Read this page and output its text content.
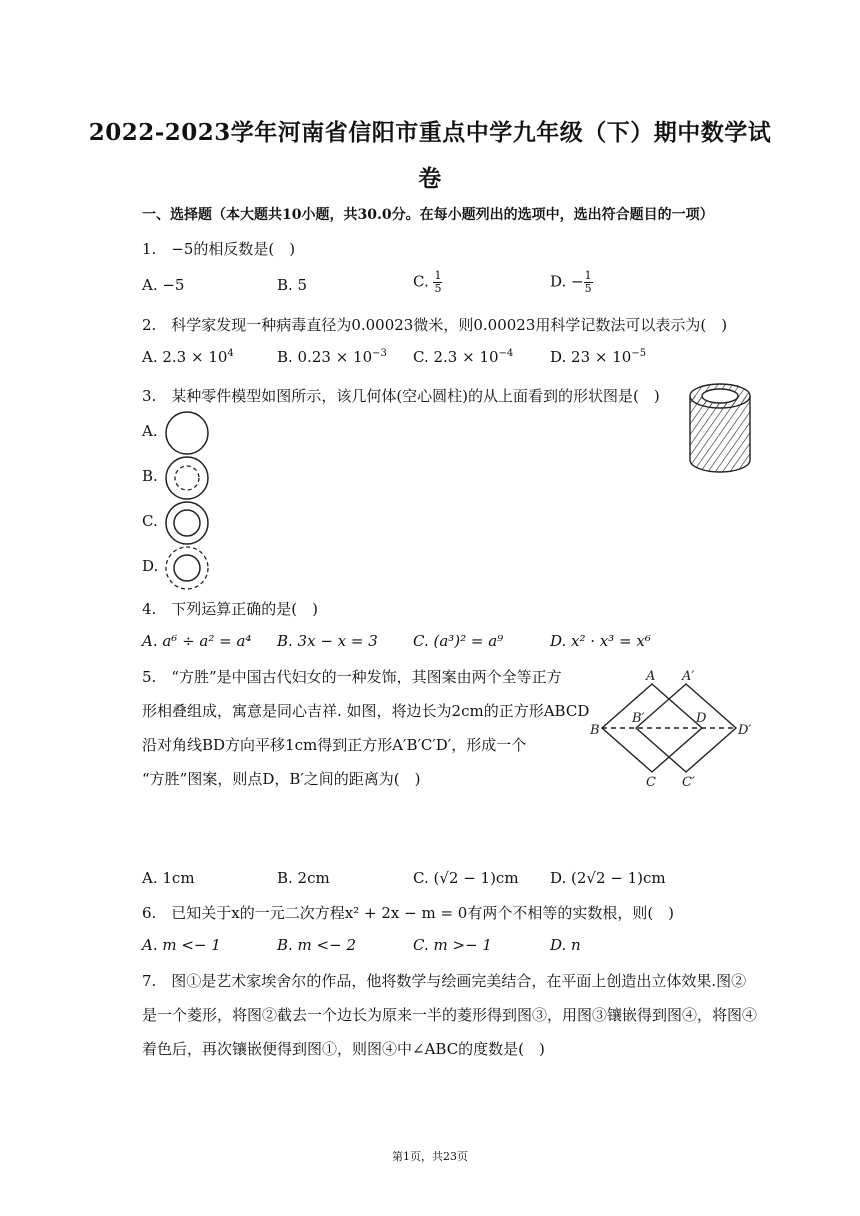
2022-2023学年河南省信阳市重点中学九年级（下）期中数学试
卷
一、选择题（本大题共10小题，共30.0分。在每小题列出的选项中，选出符合题目的一项）
1.　−5的相反数是(　)
A. −5	B. 5	C. $\frac{1}{5}$	D. − $\frac{1}{5}$
2.　科学家发现一种病毒直径为0.00023微米，则0.00023用科学记数法可以表示为(　)
A. $2.3 \times 10^4$	B. $0.23 \times 10^{-3}$ C. $2.3 \times 10^{-4}$ D. $23 \times 10^{-5}$
3.　某种零件模型如图所示，该几何体(空心圆柱)的从上面看到的形状图是(　)
A.
B.
C.
D.
4.　下列运算正确的是(　)
A. a⁶ ÷ a² = a⁴ B. 3x − x = 3 C. (a³)² = a⁹	D. x² · x³ = x⁶
5.　“方胜”是中国古代妇女的一种发饰，其图案由两个全等正方
形相叠组成，寓意是同心吉祥. 如图，将边长为2cm的正方形ABCD
沿对角线BD方向平移1cm得到正方形A′B′C′D′，形成一个
“方胜”图案，则点D，B′之间的距离为(　)
A A′
B
B′	D
D′
C C′
A. 1cm	B. 2cm	C. (√2 − 1)cm D. (2√2 − 1)cm
6.　已知关于x的一元二次方程x² + 2x − m = 0有两个不相等的实数根，则(　)
A. m <− 1	B. m <− 2	C. m >− 1	D. n
7.　图①是艺术家埃舍尔的作品，他将数学与绘画完美结合，在平面上创造出立体效果.图②
是一个菱形，将图②截去一个边长为原来一半的菱形得到图③，用图③镶嵌得到图④，将图④
着色后，再次镶嵌便得到图①，则图④中∠ABC的度数是(　)
第1页，共23页
